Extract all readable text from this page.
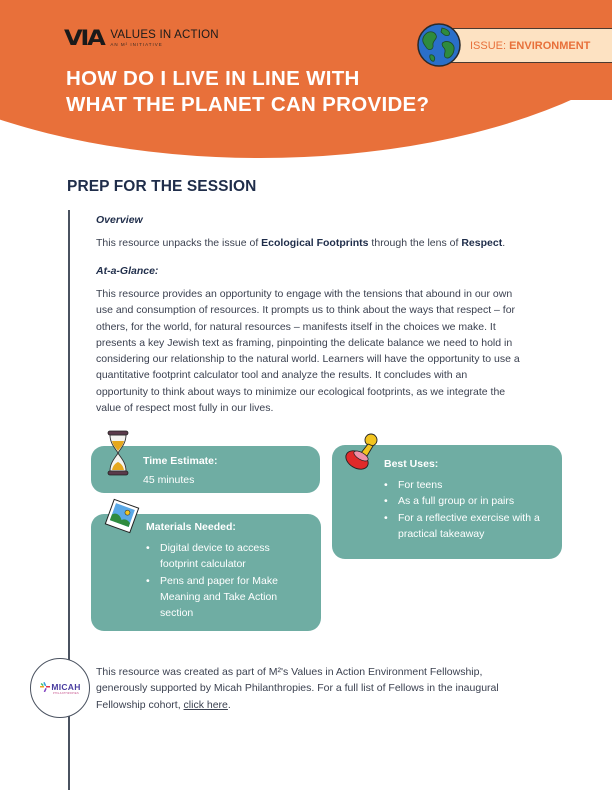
VIA VALUES IN ACTION
AN M² INITIATIVE	ISSUE: ENVIRONMENT
HOW DO I LIVE IN LINE WITH
WHAT THE PLANET CAN PROVIDE?
PREP FOR THE SESSION
Overview
This resource unpacks the issue of Ecological Footprints through the lens of Respect.
At-a-Glance:
This resource provides an opportunity to engage with the tensions that abound in our own
use and consumption of resources. It prompts us to think about the ways that respect – for
others, for the world, for natural resources – manifests itself in the choices we make. It
presents a key Jewish text as framing, pinpointing the delicate balance we need to hold in
considering our relationship to the natural world. Learners will have the opportunity to use a
quantitative footprint calculator tool and analyze the results. It concludes with an
opportunity to think about ways to minimize our ecological footprints, as we integrate the
value of respect most fully in our lives.
Time Estimate:
45 minutes
Best Uses:
• For teens
• As a full group or in pairs
• For a reflective exercise with a practical takeaway
Materials Needed:
• Digital device to access footprint calculator
• Pens and paper for Make Meaning and Take Action section
MICAH
PHILANTHROPIES
This resource was created as part of M²'s Values in Action Environment Fellowship,
generously supported by Micah Philanthropies. For a full list of Fellows in the inaugural
Fellowship cohort, click here.
